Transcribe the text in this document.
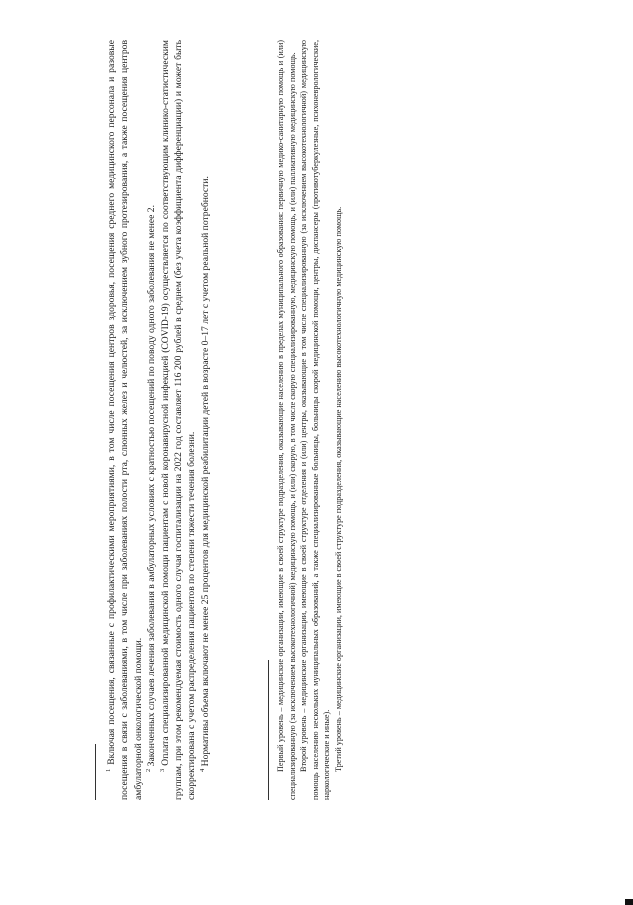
$^1$ Включая посещения, связанные с профилактическими мероприятиями, в том числе посещения центров здоровья, посещения среднего медицинского персонала и разовые посещения в связи с заболеваниями, в том числе при заболеваниях полости рта, слюнных желез и челюстей, за исключением зубного протезирования, а также посещения центров амбулаторной онкологической помощи. $^2$ Законченных случаев лечения заболевания в амбулаторных условиях с кратностью посещений по поводу одного заболевания не менее 2.

$^3$ Оплата специализированной медицинской помощи пациентам с новой коронавирусной инфекцией (COVID-19) осуществляется по соответствующим клинико-статистическим группам, при этом рекомендуемая стоимость одного случая госпитализации на 2022 год составляет 116 200 рублей в среднем (без учета коэффициента дифференциации) и может быть скорректирована с учетом распределения пациентов по степени тяжести течения болезни. $^4$ Нормативы объема включают не менее 25 процентов для медицинской реабилитации детей в возрасте 0–17 лет с учетом реальной потребности.	Первый уровень – медицинские организации, имеющие в своей структуре подразделения, оказывающие населению в пределах муниципального образования: первичную медико-санитарную помощь и (или) специализированную (за исключением высокотехнологичной) медицинскую помощь, и (или) скорую, в том числе скорую специализированную, медицинскую помощь, и (или) паллиативную медицинскую помощь. Второй уровень – медицинские организации, имеющие в своей структуре отделения и (или) центры, оказывающие в том числе специализированную (за исключением высокотехнологичной) медицинскую помощь населению нескольких муниципальных образований, а также специализированные больницы, больницы скорой медицинской помощи, центры, диспансеры (противотуберкулезные, психоневрологические, наркологические и иные). Третий уровень – медицинские организации, имеющие в своей структуре подразделения, оказывающие населению высокотехнологичную медицинскую помощь.
